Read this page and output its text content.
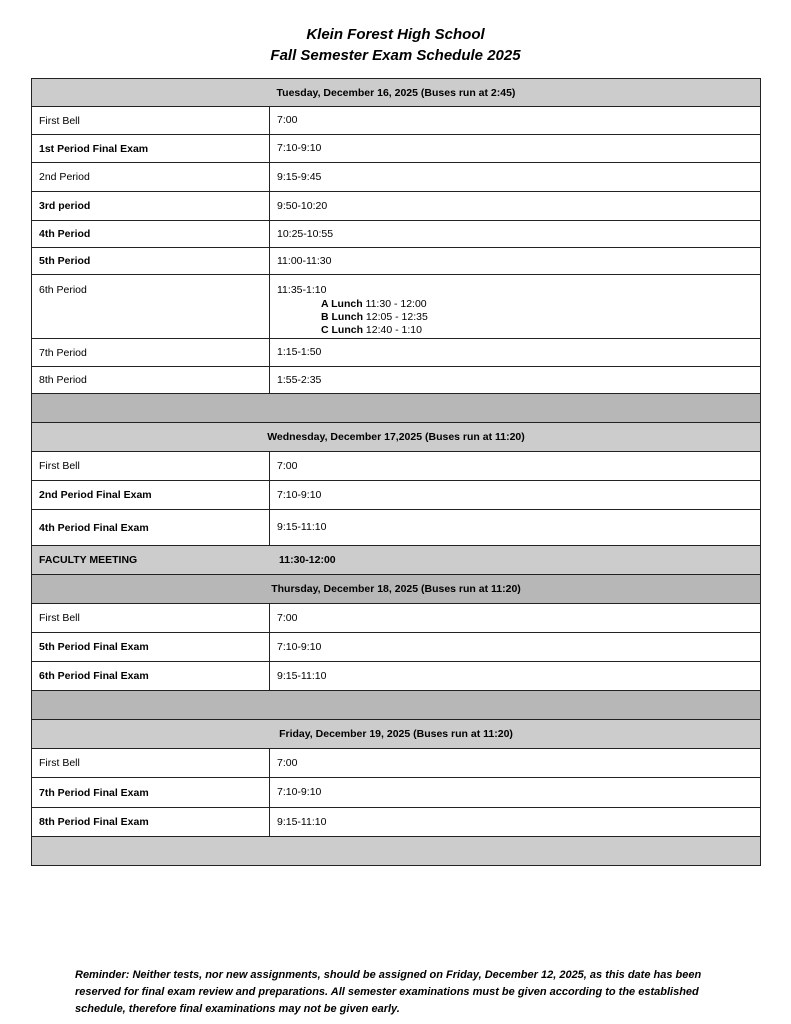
Klein Forest High School
Fall Semester Exam Schedule 2025
Tuesday, December 16, 2025 (Buses run at 2:45)
First Bell	7:00
1st Period Final Exam	7:10-9:10
2nd Period	9:15-9:45
3rd period	9:50-10:20
4th Period	10:25-10:55
5th Period	11:00-11:30
6th Period	11:35-1:10
A Lunch 11:30 - 12:00
B Lunch 12:05 - 12:35
C Lunch 12:40 - 1:10
7th Period	1:15-1:50
8th Period	1:55-2:35
Wednesday, December 17,2025 (Buses run at 11:20)
First Bell	7:00
2nd Period Final Exam	7:10-9:10
4th Period Final Exam	9:15-11:10
FACULTY MEETING	11:30-12:00
Thursday, December 18, 2025 (Buses run at 11:20)
First Bell	7:00
5th Period Final Exam	7:10-9:10
6th Period Final Exam	9:15-11:10
Friday, December 19, 2025 (Buses run at 11:20)
First Bell	7:00
7th Period Final Exam	7:10-9:10
8th Period Final Exam	9:15-11:10
Reminder: Neither tests, nor new assignments, should be assigned on Friday, December 12, 2025, as this date has been reserved for final exam review and preparations. All semester examinations must be given according to the established schedule, therefore final examinations may not be given early.
